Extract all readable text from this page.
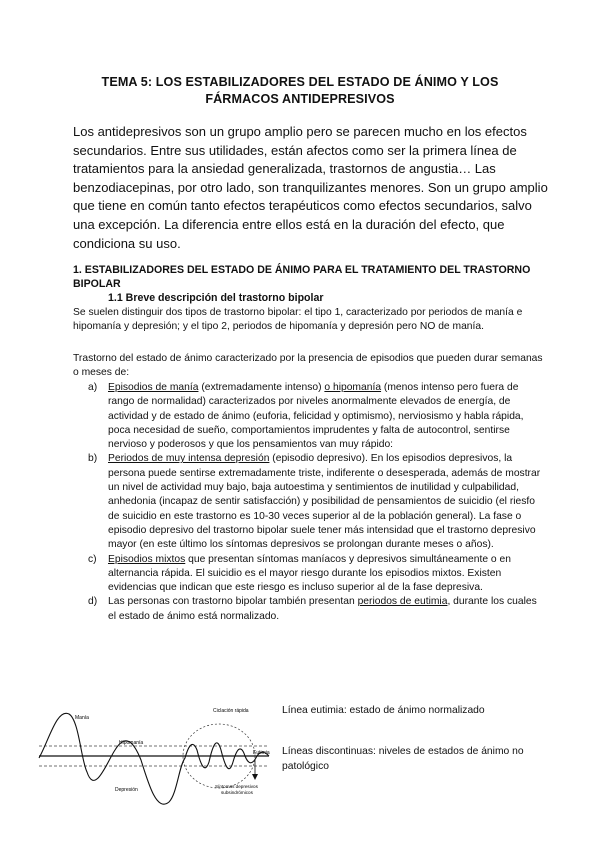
TEMA 5: LOS ESTABILIZADORES DEL ESTADO DE ÁNIMO Y LOS
FÁRMACOS ANTIDEPRESIVOS
Los antidepresivos son un grupo amplio pero se parecen mucho en los efectos secundarios. Entre sus utilidades, están afectos como ser la primera línea de tratamientos para la ansiedad generalizada, trastornos de angustia… Las benzodiacepinas, por otro lado, son tranquilizantes menores. Son un grupo amplio que tiene en común tanto efectos terapéuticos como efectos secundarios, salvo una excepción. La diferencia entre ellos está en la duración del efecto, que condiciona su uso.
1. ESTABILIZADORES DEL ESTADO DE ÁNIMO PARA EL TRATAMIENTO DEL TRASTORNO BIPOLAR
1.1 Breve descripción del trastorno bipolar
Se suelen distinguir dos tipos de trastorno bipolar: el tipo 1, caracterizado por periodos de manía e hipomanía y depresión; y el tipo 2, periodos de hipomanía y depresión pero NO de manía.
Trastorno del estado de ánimo caracterizado por la presencia de episodios que pueden durar semanas o meses de:
a) Episodios de manía (extremadamente intenso) o hipomanía (menos intenso pero fuera de rango de normalidad) caracterizados por niveles anormalmente elevados de energía, de actividad y de estado de ánimo (euforia, felicidad y optimismo), nerviosismo y habla rápida, poca necesidad de sueño, comportamientos imprudentes y falta de autocontrol, sentirse nervioso y poderosos y que los pensamientos van muy rápido:
b) Periodos de muy intensa depresión (episodio depresivo). En los episodios depresivos, la persona puede sentirse extremadamente triste, indiferente o desesperada, además de mostrar un nivel de actividad muy bajo, baja autoestima y sentimientos de inutilidad y culpabilidad, anhedonia (incapaz de sentir satisfacción) y posibilidad de pensamientos de suicidio (el riesfo de suicidio en este trastorno es 10-30 veces superior al de la población general). La fase o episodio depresivo del trastorno bipolar suele tener más intensidad que el trastorno depresivo mayor (en este último los síntomas depresivos se prolongan durante meses o años).
c) Episodios mixtos que presentan síntomas maníacos y depresivos simultáneamente o en alternancia rápida. El suicidio es el mayor riesgo durante los episodios mixtos. Existen evidencias que indican que este riesgo es incluso superior al de la fase depresiva.
d) Las personas con trastorno bipolar también presentan periodos de eutimia, durante los cuales el estado de ánimo está normalizado.
Manía
Hipomanía
Depresión
Eutimia
Ciclación rápida
Síntomas depresivos
subsindrómicos
Línea eutimia: estado de ánimo normalizado
Líneas discontinuas: niveles de estados de ánimo no patológico
